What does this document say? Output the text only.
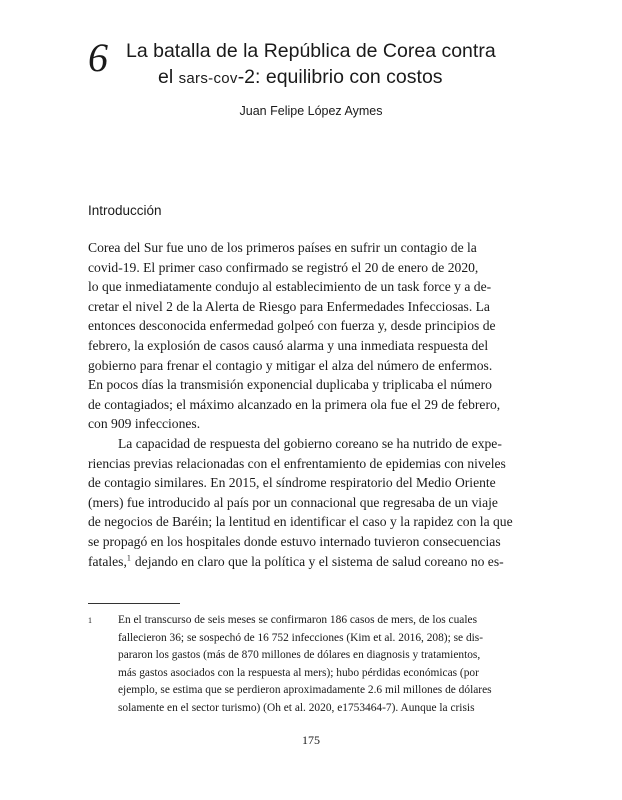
6 La batalla de la República de Corea contra
el sars-cov-2: equilibrio con costos
Juan Felipe López Aymes
Introducción
Corea del Sur fue uno de los primeros países en sufrir un contagio de la
covid-19. El primer caso confirmado se registró el 20 de enero de 2020,
lo que inmediatamente condujo al establecimiento de un task force y a de-
cretar el nivel 2 de la Alerta de Riesgo para Enfermedades Infecciosas. La
entonces desconocida enfermedad golpeó con fuerza y, desde principios de
febrero, la explosión de casos causó alarma y una inmediata respuesta del
gobierno para frenar el contagio y mitigar el alza del número de enfermos.
En pocos días la transmisión exponencial duplicaba y triplicaba el número
de contagiados; el máximo alcanzado en la primera ola fue el 29 de febrero,
con 909 infecciones.
La capacidad de respuesta del gobierno coreano se ha nutrido de expe-
riencias previas relacionadas con el enfrentamiento de epidemias con niveles
de contagio similares. En 2015, el síndrome respiratorio del Medio Oriente
(mers) fue introducido al país por un connacional que regresaba de un viaje
de negocios de Baréin; la lentitud en identificar el caso y la rapidez con la que
se propagó en los hospitales donde estuvo internado tuvieron consecuencias
fatales,$^1$ dejando en claro que la política y el sistema de salud coreano no es-
1 En el transcurso de seis meses se confirmaron 186 casos de mers, de los cuales
fallecieron 36; se sospechó de 16 752 infecciones (Kim et al. 2016, 208); se dis-
pararon los gastos (más de 870 millones de dólares en diagnosis y tratamientos,
más gastos asociados con la respuesta al mers); hubo pérdidas económicas (por
ejemplo, se estima que se perdieron aproximadamente 2.6 mil millones de dólares
solamente en el sector turismo) (Oh et al. 2020, e1753464-7). Aunque la crisis
175
